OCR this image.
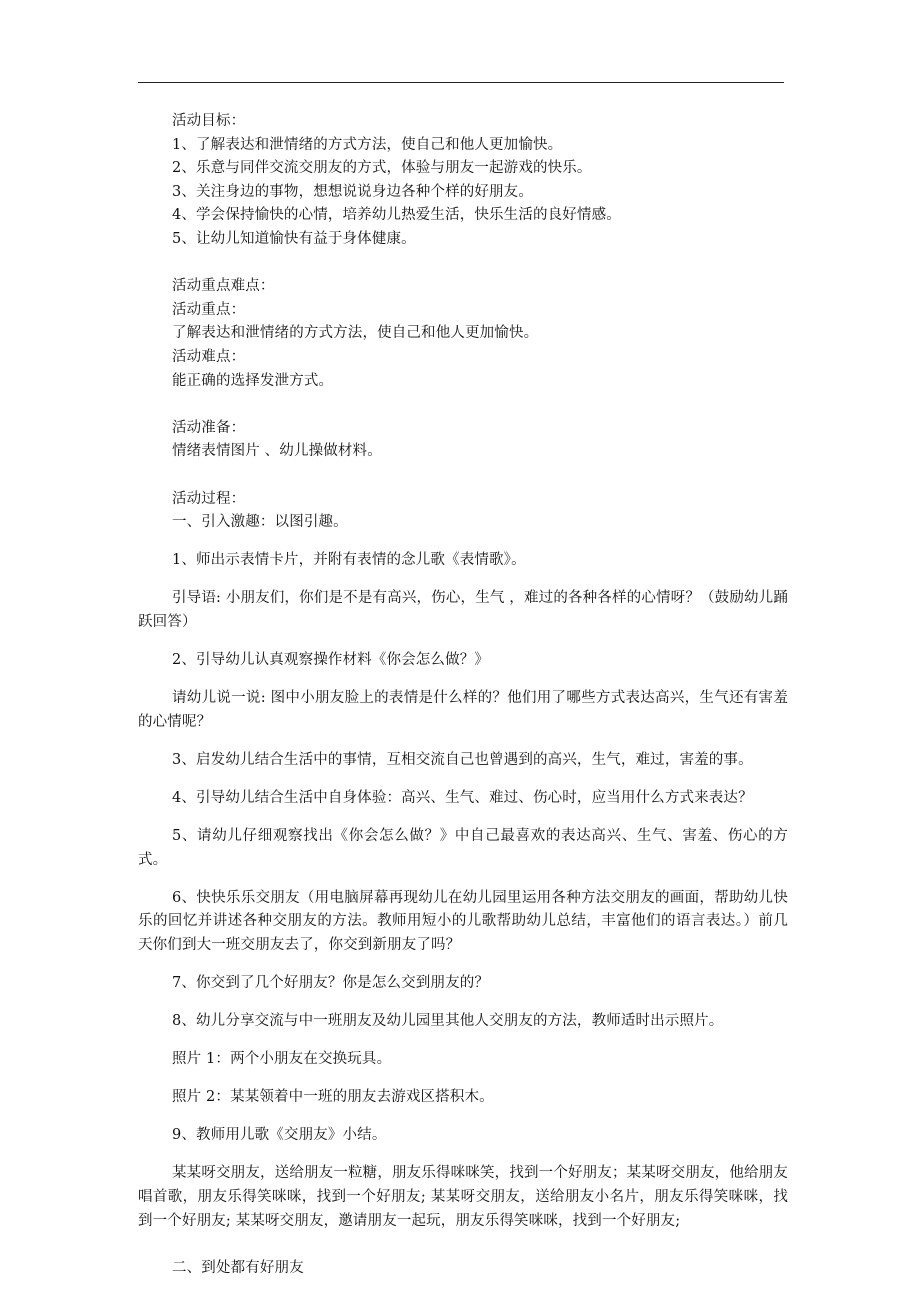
活动目标：

1、了解表达和泄情绪的方式方法，使自己和他人更加愉快。

2、乐意与同伴交流交朋友的方式，体验与朋友一起游戏的快乐。

3、关注身边的事物，想想说说身边各种个样的好朋友。

4、学会保持愉快的心情，培养幼儿热爱生活，快乐生活的良好情感。

5、让幼儿知道愉快有益于身体健康。

活动重点难点：

活动重点：

了解表达和泄情绪的方式方法，使自己和他人更加愉快。

活动难点：

能正确的选择发泄方式。

活动准备：

情绪表情图片 、幼儿操做材料。

活动过程：

一、引入激趣：以图引趣。

1、师出示表情卡片，并附有表情的念儿歌《表情歌》。

引导语: 小朋友们，你们是不是有高兴，伤心，生气 ，难过的各种各样的心情呀？（鼓励幼儿踊跃回答）

2、引导幼儿认真观察操作材料《你会怎么做？》

请幼儿说一说: 图中小朋友脸上的表情是什么样的？他们用了哪些方式表达高兴，生气还有害羞的心情呢？

3、启发幼儿结合生活中的事情，互相交流自己也曾遇到的高兴，生气，难过，害羞的事。

4、引导幼儿结合生活中自身体验：高兴、生气、难过、伤心时，应当用什么方式来表达？

5、请幼儿仔细观察找出《你会怎么做？》中自己最喜欢的表达高兴、生气、害羞、伤心的方式。

6、快快乐乐交朋友（用电脑屏幕再现幼儿在幼儿园里运用各种方法交朋友的画面，帮助幼儿快乐的回忆并讲述各种交朋友的方法。教师用短小的儿歌帮助幼儿总结，丰富他们的语言表达。）前几天你们到大一班交朋友去了，你交到新朋友了吗？

7、你交到了几个好朋友？你是怎么交到朋友的？

8、幼儿分享交流与中一班朋友及幼儿园里其他人交朋友的方法，教师适时出示照片。

照片 1：两个小朋友在交换玩具。

照片 2：某某领着中一班的朋友去游戏区搭积木。

9、教师用儿歌《交朋友》小结。

某某呀交朋友，送给朋友一粒糖，朋友乐得咪咪笑，找到一个好朋友；某某呀交朋友，他给朋友唱首歌，朋友乐得笑咪咪，找到一个好朋友; 某某呀交朋友，送给朋友小名片，朋友乐得笑咪咪，找到一个好朋友; 某某呀交朋友，邀请朋友一起玩，朋友乐得笑咪咪，找到一个好朋友;

二、到处都有好朋友
